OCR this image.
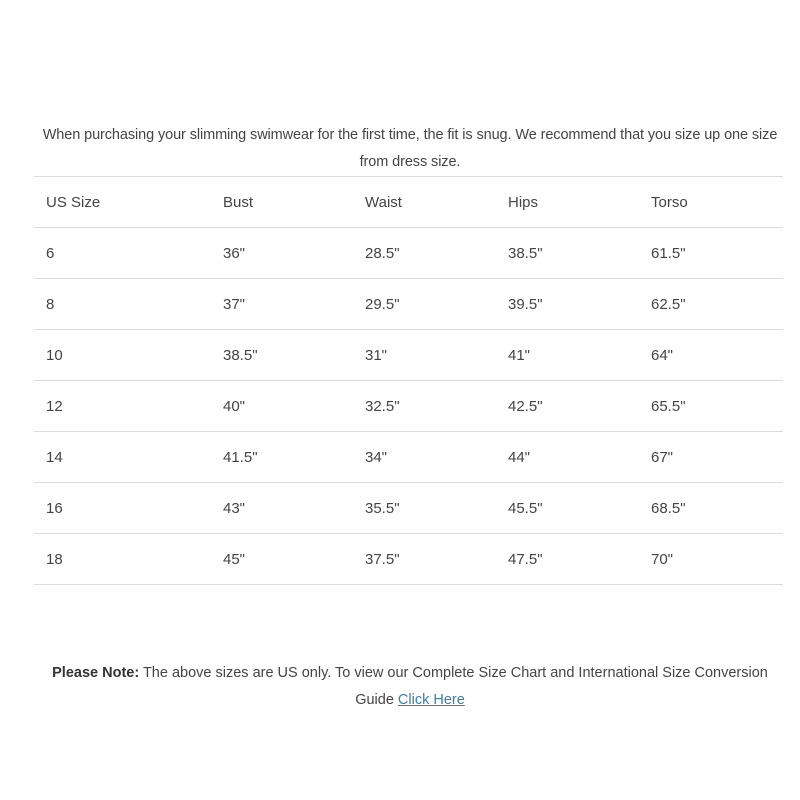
When purchasing your slimming swimwear for the first time, the fit is snug. We recommend that you size up one size from dress size.

US Size	Bust	Waist	Hips	Torso
6	36"	28.5"	38.5"	61.5"
8	37"	29.5"	39.5"	62.5"
10	38.5"	31"	41"	64"
12	40"	32.5"	42.5"	65.5"
14	41.5"	34"	44"	67"
16	43"	35.5"	45.5"	68.5"
18	45"	37.5"	47.5"	70"

Please Note: The above sizes are US only. To view our Complete Size Chart and International Size Conversion Guide Click Here
